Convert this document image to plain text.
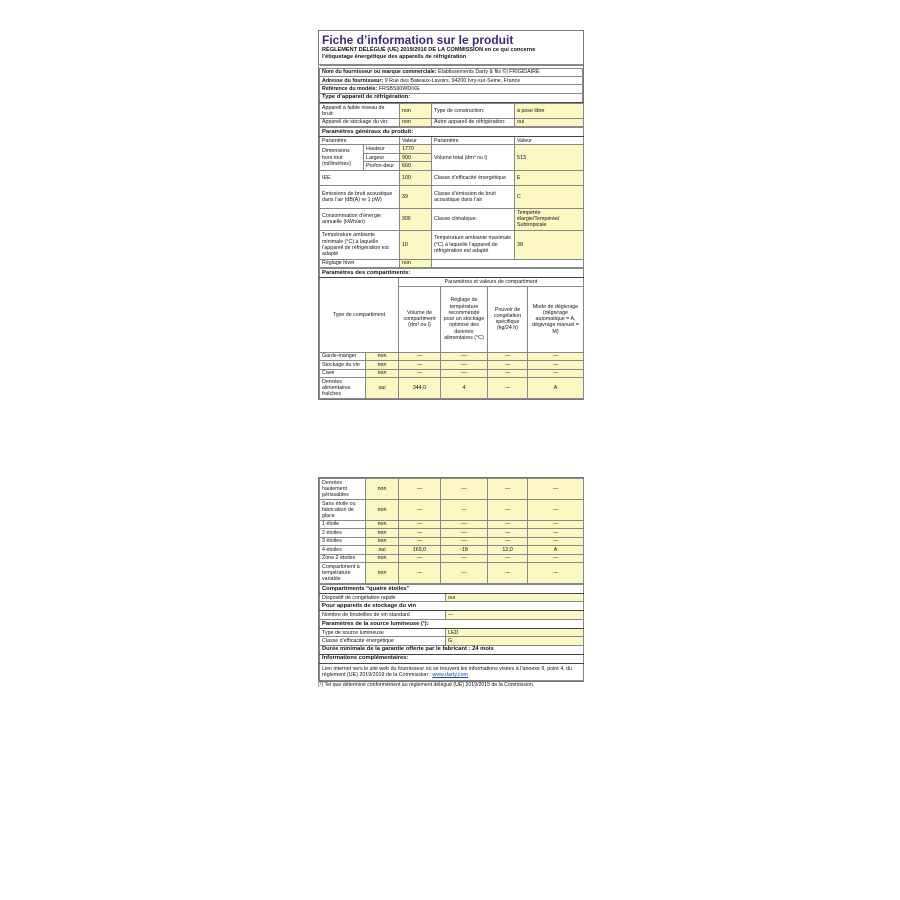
Fiche d’information sur le produit
RÈGLEMENT DÉLÉGUÉ (UE) 2019/2016 DE LA COMMISSION en ce qui concerne
l’étiquetage énergétique des appareils de réfrigération

Nom du fournisseur ou marque commerciale: Etablissements Darty & fils ©| FRIGIDAIRE
Adresse du fournisseur: 9 Rue des Bateaux-Lavoirs, 94200 Ivry-sur-Seine, France
Référence du modèle: FRSBS90WDIXE
Type d’appareil de réfrigération:
Appareil à faible niveau de bruit:	non	Type de construction:	à pose libre
Appareil de stockage du vin:	non	Autre appareil de réfrigération:	oui
Paramètres généraux du produit:				
Paramètre		Valeur	Paramètre	Valeur
Dimensions hors tout (millimètres)	Hauteur	1770	Volume total (dm³ ou l)	513
	Largeur	900		
	Profon-deur	660		
IEE		100	Classe d’efficacité énergétique	E
Émissions de bruit acoustique dans l’air (dB(A) re 1 pW)		39	Classe d’émission de bruit acoustique dans l’air	C
Consommation d’énergie annuelle (kWh/an)		306	Classe climatique:	Tempérée élargie/Tempérée/ Subtropicale
Température ambiante minimale (°C) à laquelle l’appareil de réfrigération est adapté		10	Température ambiante maximale (°C) à laquelle l’appareil de réfrigération est adapté	38
Réglage hiver		non		
Paramètres des compartiments:					
Type de compartiment		Paramètres et valeurs de compartiment			
		Volume de compartiment (dm³ ou l)	Réglage de température recommandé pour un stockage optimisé des denrées alimentaires (°C)	Pouvoir de congélation spécifique (kg/24 h)	Mode de dégivrage (dégivrage automatique = A, dégivrage manuel = M)
Garde-manger	non	—	—	—	—
Stockage du vin	non	—	—	—	—
Cave	non	—	—	—	—
Denrées alimentaires fraîches	oui	344,0	4	—	A
Denrées hautement périssables	non	—	—	—	—
Sans étoile ou fabrication de glace	non	—	—	—	—
1 étoile	non	—	—	—	—
2 étoiles	non	—	—	—	—
3 étoiles	non	—	—	—	—
4 étoiles	oui	169,0	-18	12,0	A
Zone 2 étoiles	non	—	—	—	—
Compartiment à température variable	non	—	—	—	—
Compartiments “quatre étoiles”	
Dispositif de congélation rapide	oui
Pour appareils de stockage du vin	
Nombre de bouteilles de vin standard	—
Paramètres de la source lumineuse (¹):	
Type de source lumineuse	LED
Classe d’efficacité énergétique	G
Durée minimale de la garantie offerte par le fabricant : 24 mois	
Informations complémentaires:	
Lien internet vers le site web du fournisseur où se trouvent les informations visées à l’annexe II, point 4, du règlement (UE) 2019/2019 de la Commission : www.darty.com	
(¹) Tel que déterminé conformément au règlement délégué (UE) 2019/2015 de la Commission.
